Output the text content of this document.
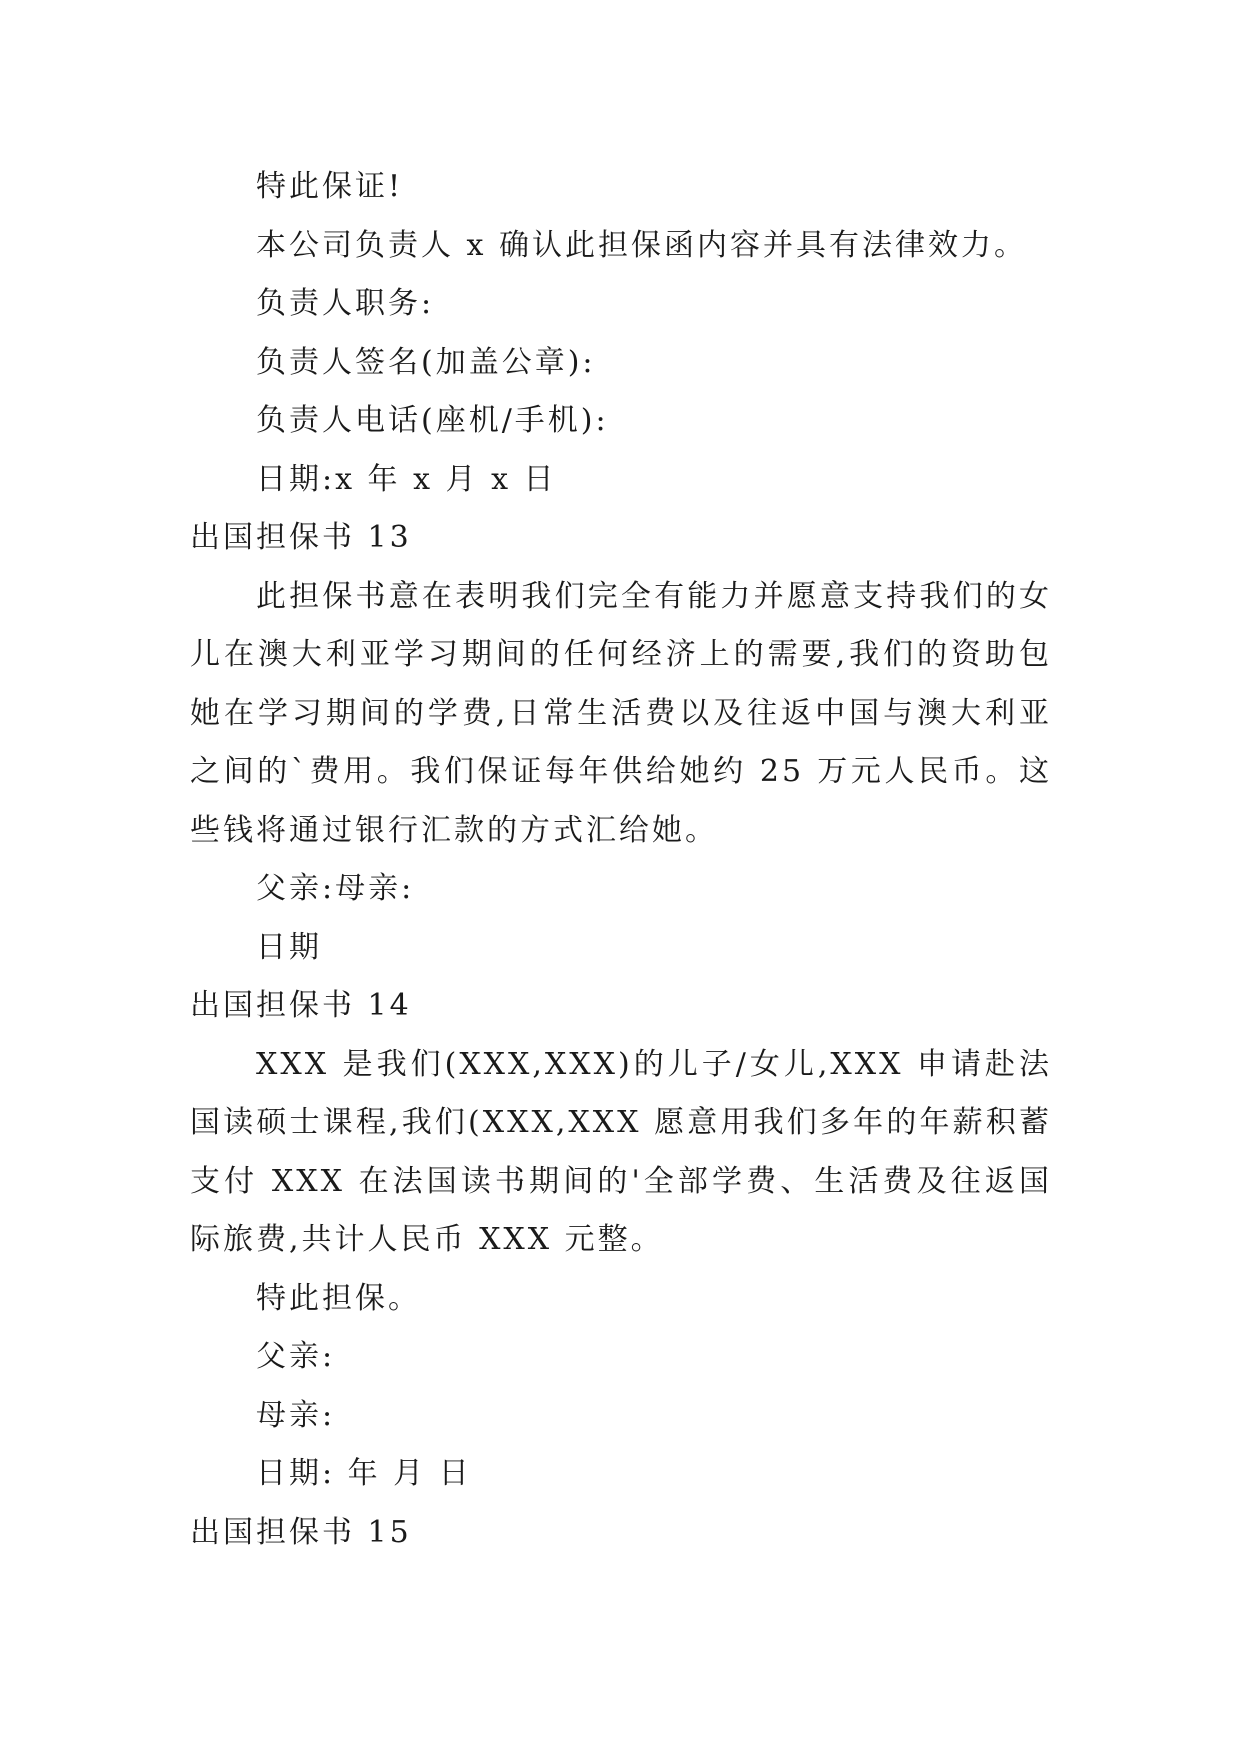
特此保证!

本公司负责人 x 确认此担保函内容并具有法律效力。

负责人职务:

负责人签名(加盖公章):

负责人电话(座机/手机):

日期:x 年 x 月 x 日

出国担保书 13

此担保书意在表明我们完全有能力并愿意支持我们的女儿在澳大利亚学习期间的任何经济上的需要,我们的资助包她在学习期间的学费,日常生活费以及往返中国与澳大利亚之间的`费用。我们保证每年供给她约 25 万元人民币。这些钱将通过银行汇款的方式汇给她。

父亲:母亲:

日期

出国担保书 14

XXX 是我们(XXX,XXX)的儿子/女儿,XXX 申请赴法国读硕士课程,我们(XXX,XXX 愿意用我们多年的年薪积蓄支付 XXX 在法国读书期间的'全部学费、生活费及往返国际旅费,共计人民币 XXX 元整。

特此担保。

父亲:

母亲:

日期: 年 月 日

出国担保书 15
